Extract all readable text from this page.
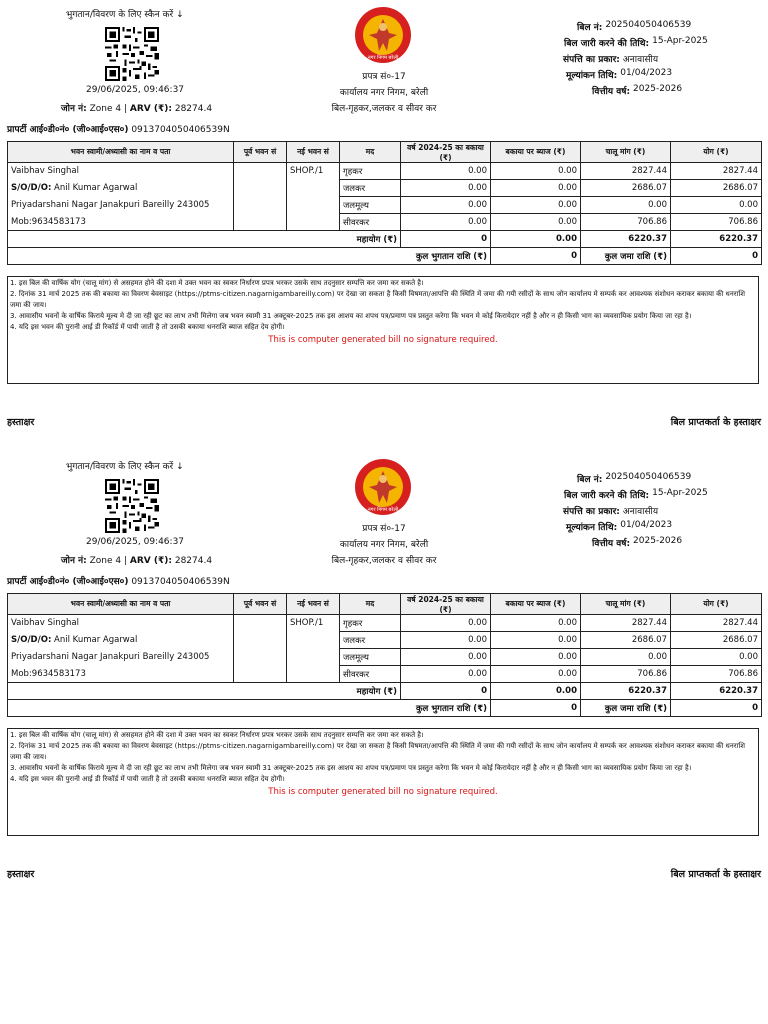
भुगतान/विवरण के लिए स्कैन करें ↓
29/06/2025, 09:46:37
जोन नं: Zone 4 | ARV (₹): 28274.4
नगर निगम बरेली
प्रपत्र सं०-17
कार्यालय नगर निगम, बरेली
बिल-गृहकर,जलकर व सीवर कर
बिल नं: 202504050406539
बिल जारी करने की तिथि: 15-Apr-2025
संपत्ति का प्रकार: अनावासीय
मूल्यांकन तिथि: 01/04/2023
वित्तीय वर्ष: 2025-2026
प्रापर्टी आई०डी०नं० (जी०आई०एस०) 0913704050406539N
भवन स्वामी/अध्यासी का नाम व पता	पूर्व भवन सं	नई भवन सं	मद	वर्ष 2024-25 का बकाया (₹)	बकाया पर ब्याज (₹)	चालू मांग (₹)	योग (₹)
Vaibhav Singhal		SHOP./1	गृहकर	0.00	0.00	2827.44	2827.44
S/O/D/O: Anil Kumar Agarwal			जलकर	0.00	0.00	2686.07	2686.07
Priyadarshani Nagar Janakpuri Bareilly 243005			जलमूल्य	0.00	0.00	0.00	0.00
Mob:9634583173			सीवरकर	0.00	0.00	706.86	706.86
महायोग (₹)				0	0.00	6220.37	6220.37
कुल भुगतान राशि (₹)					0	कुल जमा राशि (₹)	0

1. इस बिल की वार्षिक योग (चालू मांग) से असहमत होने की दशा मे उक्त भवन का स्वकर निर्धारण प्रपत्र भरकर उसके साथ तदनुसार सम्पत्ति कर जमा कर सकते है।

2. दिनांक 31 मार्च 2025 तक की बकाया का विवरण बेवसाइट (https://ptms-citizen.nagarnigambareilly.com) पर देखा जा सकता है किसी विषमता/आपत्ति की स्थिति में जमा की गयी रसीदों के साथ जोन कार्यालय मे सम्पर्क कर आवश्यक संशोधन कराकर बकाया की धनराशि जमा की जाय।

3. आवासीय भवनों के वार्षिक किराये मूल्य मे दी जा रही छूट का लाभ तभी मिलेगा जब भवन स्वामी 31 अक्टूबर-2025 तक इस आशय का शपथ पत्र/प्रमाण पत्र प्रस्तुत करेगा कि भवन मे कोई किरायेदार नहीं है और न ही किसी भाग का व्यवसायिक प्रयोग किया जा रहा है।

4. यदि इस भवन की पुरानी आई डी रिकॉर्ड में पायी जाती है तो उसकी बकाया धनराशि ब्याज सहित देय होगी।

This is computer generated bill no signature required.

हस्ताक्षर	बिल प्राप्तकर्ता के हस्ताक्षर
भुगतान/विवरण के लिए स्कैन करें ↓
29/06/2025, 09:46:37
जोन नं: Zone 4 | ARV (₹): 28274.4
नगर निगम बरेली
प्रपत्र सं०-17
कार्यालय नगर निगम, बरेली
बिल-गृहकर,जलकर व सीवर कर
बिल नं: 202504050406539
बिल जारी करने की तिथि: 15-Apr-2025
संपत्ति का प्रकार: अनावासीय
मूल्यांकन तिथि: 01/04/2023
वित्तीय वर्ष: 2025-2026
प्रापर्टी आई०डी०नं० (जी०आई०एस०) 0913704050406539N
भवन स्वामी/अध्यासी का नाम व पता	पूर्व भवन सं	नई भवन सं	मद	वर्ष 2024-25 का बकाया (₹)	बकाया पर ब्याज (₹)	चालू मांग (₹)	योग (₹)
Vaibhav Singhal		SHOP./1	गृहकर	0.00	0.00	2827.44	2827.44
S/O/D/O: Anil Kumar Agarwal			जलकर	0.00	0.00	2686.07	2686.07
Priyadarshani Nagar Janakpuri Bareilly 243005			जलमूल्य	0.00	0.00	0.00	0.00
Mob:9634583173			सीवरकर	0.00	0.00	706.86	706.86
महायोग (₹)				0	0.00	6220.37	6220.37
कुल भुगतान राशि (₹)					0	कुल जमा राशि (₹)	0

1. इस बिल की वार्षिक योग (चालू मांग) से असहमत होने की दशा मे उक्त भवन का स्वकर निर्धारण प्रपत्र भरकर उसके साथ तदनुसार सम्पत्ति कर जमा कर सकते है।

2. दिनांक 31 मार्च 2025 तक की बकाया का विवरण बेवसाइट (https://ptms-citizen.nagarnigambareilly.com) पर देखा जा सकता है किसी विषमता/आपत्ति की स्थिति में जमा की गयी रसीदों के साथ जोन कार्यालय मे सम्पर्क कर आवश्यक संशोधन कराकर बकाया की धनराशि जमा की जाय।

3. आवासीय भवनों के वार्षिक किराये मूल्य मे दी जा रही छूट का लाभ तभी मिलेगा जब भवन स्वामी 31 अक्टूबर-2025 तक इस आशय का शपथ पत्र/प्रमाण पत्र प्रस्तुत करेगा कि भवन मे कोई किरायेदार नहीं है और न ही किसी भाग का व्यवसायिक प्रयोग किया जा रहा है।

4. यदि इस भवन की पुरानी आई डी रिकॉर्ड में पायी जाती है तो उसकी बकाया धनराशि ब्याज सहित देय होगी।

This is computer generated bill no signature required.

हस्ताक्षर	बिल प्राप्तकर्ता के हस्ताक्षर
